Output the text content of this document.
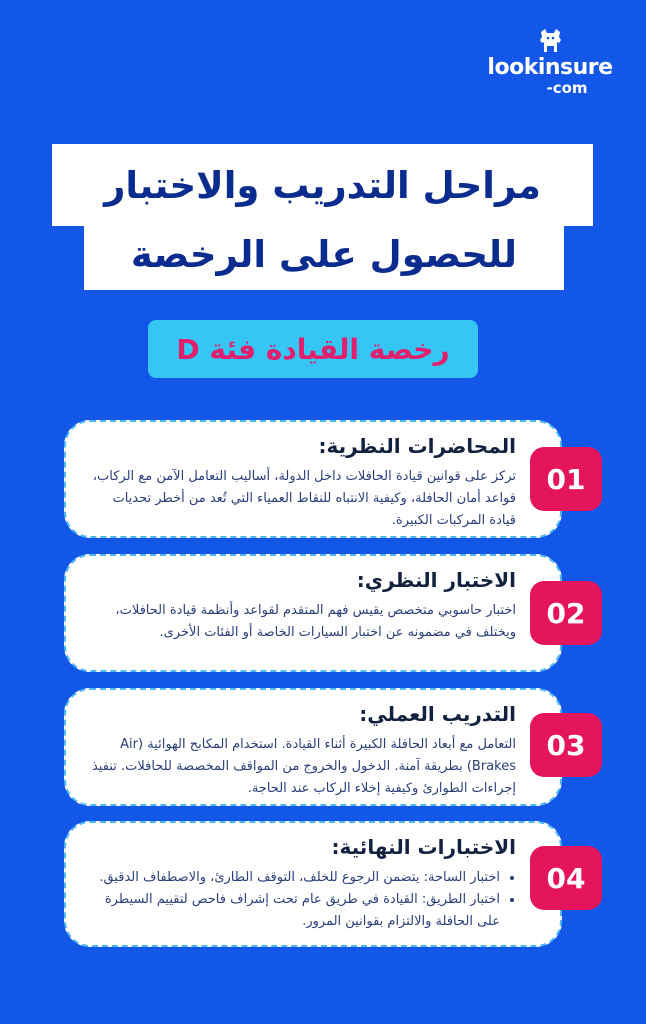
lookinsure
-com
مراحل التدريب والاختبار
للحصول على الرخصة
رخصة القيادة فئة D
المحاضرات النظرية:
تركز على قوانين قيادة الحافلات داخل الدولة، أساليب التعامل الآمن مع الركاب، قواعد أمان الحافلة، وكيفية الانتباه للنقاط العمياء التي تُعد من أخطر تحديات قيادة المركبات الكبيرة.
01
الاختبار النظري:
اختبار حاسوبي متخصص يقيس فهم المتقدم لقواعد وأنظمة قيادة الحافلات، ويختلف في مضمونه عن اختبار السيارات الخاصة أو الفئات الأخرى.
02
التدريب العملي:
التعامل مع أبعاد الحافلة الكبيرة أثناء القيادة. استخدام المكابح الهوائية (Air Brakes) بطريقة آمنة. الدخول والخروج من المواقف المخصصة للحافلات. تنفيذ إجراءات الطوارئ وكيفية إخلاء الركاب عند الحاجة.
03
الاختبارات النهائية:
• اختبار الساحة: يتضمن الرجوع للخلف، التوقف الطارئ، والاصطفاف الدقيق.
• اختبار الطريق: القيادة في طريق عام تحت إشراف فاحص لتقييم السيطرة على الحافلة والالتزام بقوانين المرور.
04
